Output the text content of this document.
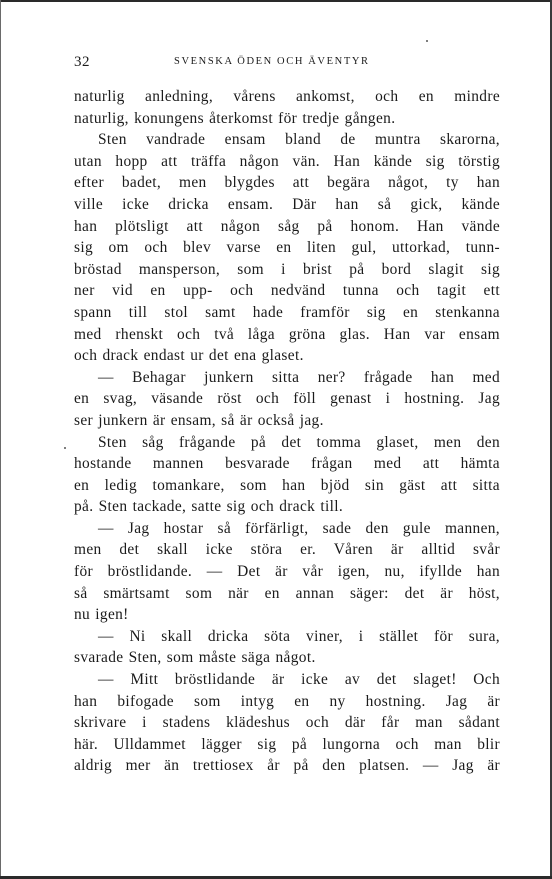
32	SVENSKA ÖDEN OCH ÄVENTYR
naturlig anledning, vårens ankomst, och en mindre
naturlig, konungens återkomst för tredje gången.
Sten vandrade ensam bland de muntra skarorna,
utan hopp att träffa någon vän. Han kände sig törstig
efter badet, men blygdes att begära något, ty han
ville icke dricka ensam. Där han så gick, kände
han plötsligt att någon såg på honom. Han vände
sig om och blev varse en liten gul, uttorkad, tunn-
bröstad mansperson, som i brist på bord slagit sig
ner vid en upp- och nedvänd tunna och tagit ett
spann till stol samt hade framför sig en stenkanna
med rhenskt och två låga gröna glas. Han var ensam
och drack endast ur det ena glaset.
— Behagar junkern sitta ner? frågade han med
en svag, väsande röst och föll genast i hostning. Jag
ser junkern är ensam, så är också jag.
Sten såg frågande på det tomma glaset, men den
hostande mannen besvarade frågan med att hämta
en ledig tomankare, som han bjöd sin gäst att sitta
på. Sten tackade, satte sig och drack till.
— Jag hostar så förfärligt, sade den gule mannen,
men det skall icke störa er. Våren är alltid svår
för bröstlidande. — Det är vår igen, nu, ifyllde han
så smärtsamt som när en annan säger: det är höst,
nu igen!
— Ni skall dricka söta viner, i stället för sura,
svarade Sten, som måste säga något.
— Mitt bröstlidande är icke av det slaget! Och
han bifogade som intyg en ny hostning. Jag är
skrivare i stadens klädeshus och där får man sådant
här. Ulldammet lägger sig på lungorna och man blir
aldrig mer än trettiosex år på den platsen. — Jag är
